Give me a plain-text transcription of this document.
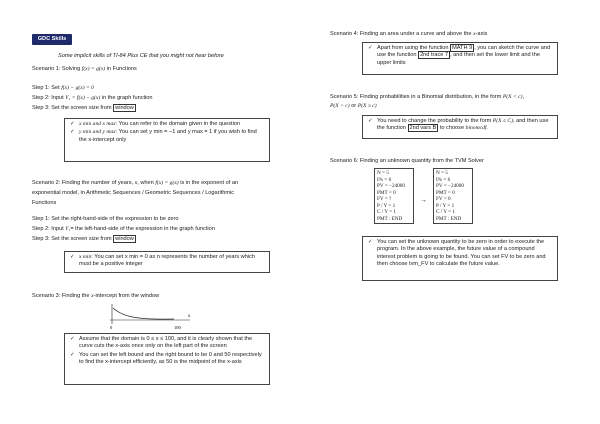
GDC Skills
Some implicit skills of TI-84 Plus CE that you might not hear before
Scenario 1: Solving f(x) = g(x) in Functions
Step 1: Set f(x) − g(x) = 0
Step 2: Input Y₁ = f(x) − g(x) in the graph function
Step 3: Set the screen size from window
✓ x min and x max: You can refer to the domain given in the question
✓ y min and y max: You can set y min = −1 and y max = 1 if you wish to find the x-intercept only
Scenario 2: Finding the number of years, n, when f(x) = g(x) is in the exponent of an
exponential model, in Arithmetic Sequences / Geometric Sequences / Logarithmic
Functions
Step 1: Set the right-hand-side of the expression to be zero
Step 2: Input Y₁= the left-hand-side of the expression in the graph function
Step 3: Set the screen size from window
✓ x min: You can set x min = 0 as n represents the number of years which must be a positive integer
Scenario 3: Finding the x-intercept from the window
0	100
x
✓ Assume that the domain is 0 ≤ x ≤ 100, and it is clearly shown that the curve cuts the x-axis once only on the left part of the screen
✓ You can set the left bound and the right bound to be 0 and 50 respectively to find the x-intercept efficiently, as 50 is the midpoint of the x-axis
Scenario 4: Finding an area under a curve and above the x-axis
✓ Apart from using the function MATH 9 , you can sketch the curve and use the function 2nd trace 7 , and then set the lower limit and the upper limits
Scenario 5: Finding probabilities in a Binomial distribution, in the form P(X < c),
P(X > c) or P(X ≥ c)
✓ You need to change the probability to the form P(X ≤ C), and then use the function 2nd vars B to choose binomcdf.
Scenario 6: Finding an unknown quantity from the TVM Solver
N = 5
I% = 6
PV = −24000
PMT = 0
FV = ?
P / Y = 1
C / Y = 1
PMT : END
→
N = 5
I% = 6
PV = −24000
PMT = 0
FV = 0
P / Y = 1
C / Y = 1
PMT : END
✓ You can set the unknown quantity to be zero in order to execute the program. In the above example, the future value of a compound interest problem is going to be found. You can set FV to be zero and then choose tvm_FV to calculate the future value.
